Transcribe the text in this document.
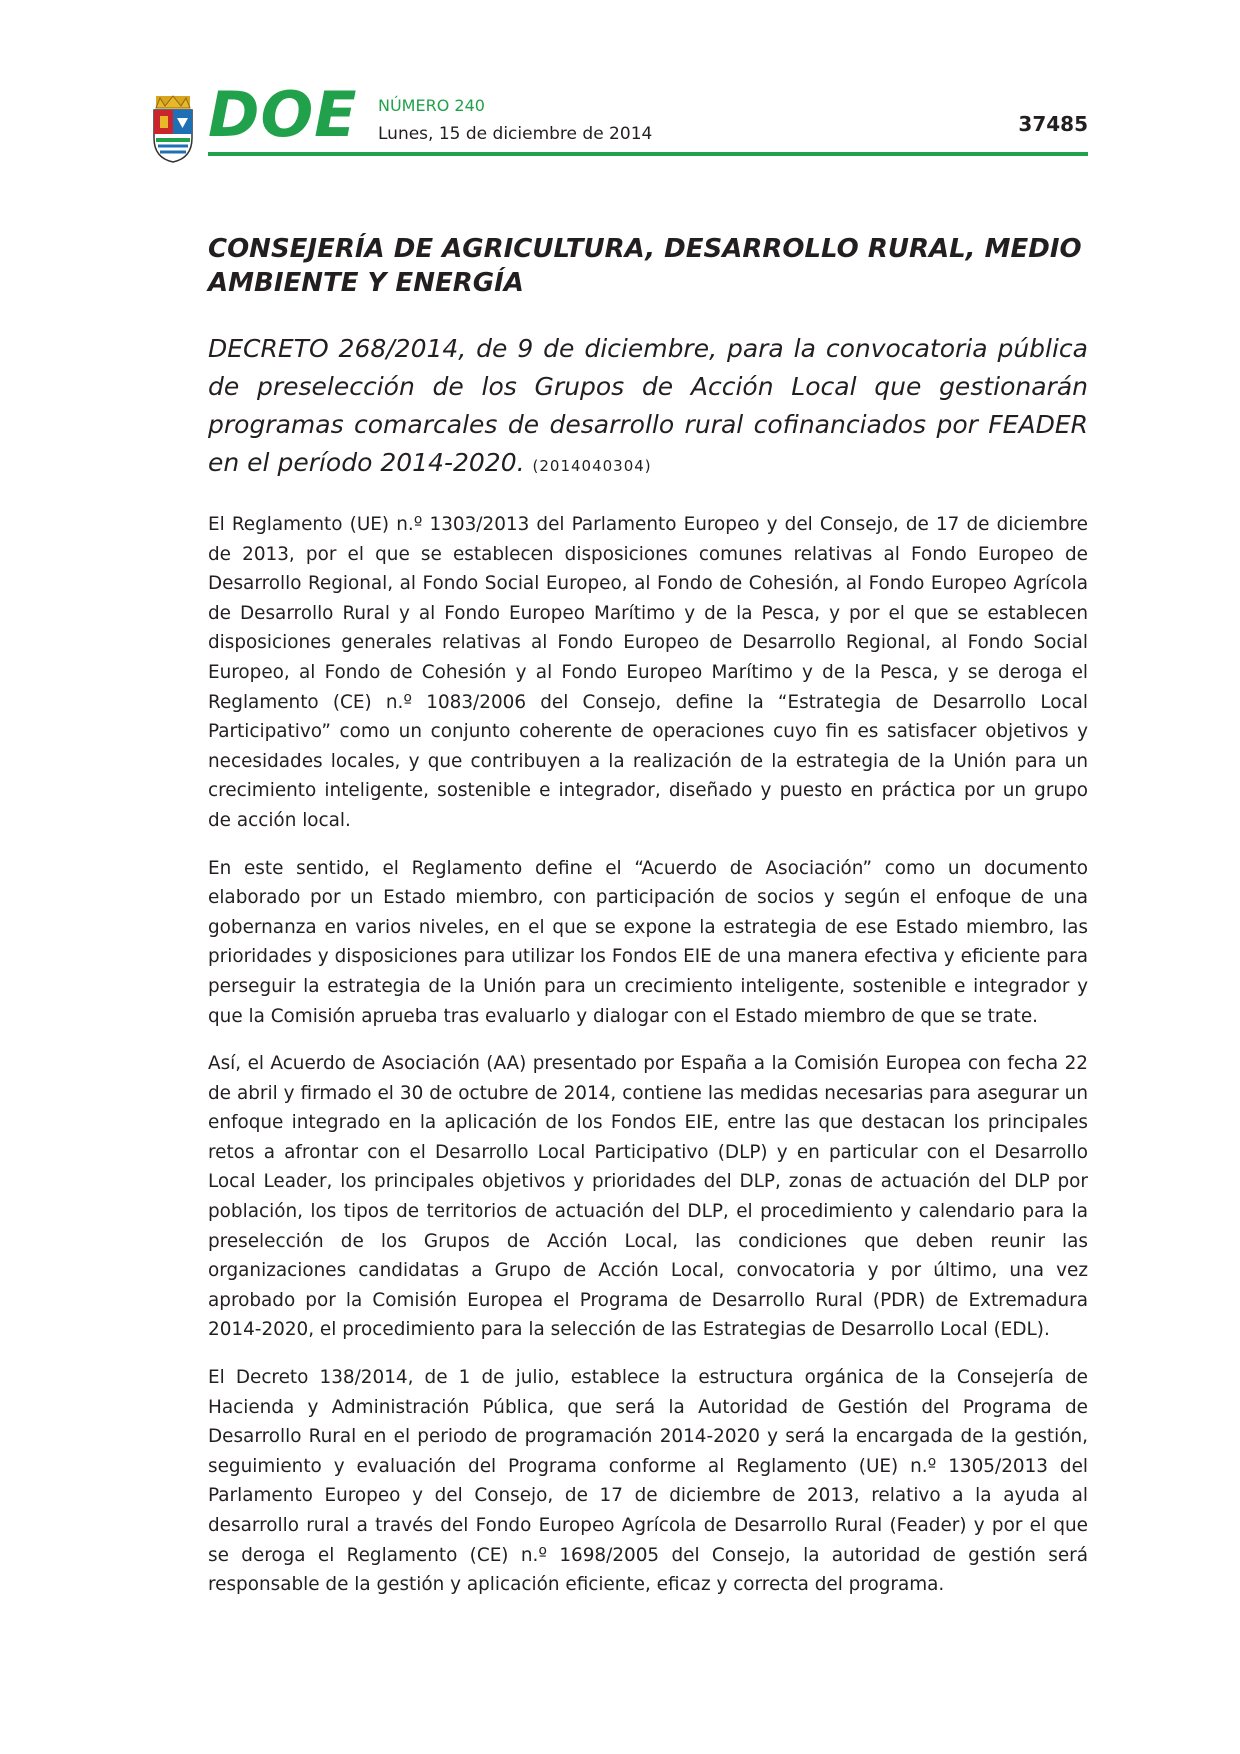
DOE NÚMERO 240
Lunes, 15 de diciembre de 2014	37485
CONSEJERÍA DE AGRICULTURA, DESARROLLO RURAL, MEDIO AMBIENTE Y ENERGÍA
DECRETO 268/2014, de 9 de diciembre, para la convocatoria pública de preselección de los Grupos de Acción Local que gestionarán programas comarcales de desarrollo rural cofinanciados por FEADER en el período 2014-2020. (2014040304)

El Reglamento (UE) n.º 1303/2013 del Parlamento Europeo y del Consejo, de 17 de diciembre de 2013, por el que se establecen disposiciones comunes relativas al Fondo Europeo de Desarrollo Regional, al Fondo Social Europeo, al Fondo de Cohesión, al Fondo Europeo Agrícola de Desarrollo Rural y al Fondo Europeo Marítimo y de la Pesca, y por el que se establecen disposiciones generales relativas al Fondo Europeo de Desarrollo Regional, al Fondo Social Europeo, al Fondo de Cohesión y al Fondo Europeo Marítimo y de la Pesca, y se deroga el Reglamento (CE) n.º 1083/2006 del Consejo, define la “Estrategia de Desarrollo Local Participativo” como un conjunto coherente de operaciones cuyo fin es satisfacer objetivos y necesidades locales, y que contribuyen a la realización de la estrategia de la Unión para un crecimiento inteligente, sostenible e integrador, diseñado y puesto en práctica por un grupo de acción local.

En este sentido, el Reglamento define el “Acuerdo de Asociación” como un documento elaborado por un Estado miembro, con participación de socios y según el enfoque de una gobernanza en varios niveles, en el que se expone la estrategia de ese Estado miembro, las prioridades y disposiciones para utilizar los Fondos EIE de una manera efectiva y eficiente para perseguir la estrategia de la Unión para un crecimiento inteligente, sostenible e integrador y que la Comisión aprueba tras evaluarlo y dialogar con el Estado miembro de que se trate.

Así, el Acuerdo de Asociación (AA) presentado por España a la Comisión Europea con fecha 22 de abril y firmado el 30 de octubre de 2014, contiene las medidas necesarias para asegurar un enfoque integrado en la aplicación de los Fondos EIE, entre las que destacan los principales retos a afrontar con el Desarrollo Local Participativo (DLP) y en particular con el Desarrollo Local Leader, los principales objetivos y prioridades del DLP, zonas de actuación del DLP por población, los tipos de territorios de actuación del DLP, el procedimiento y calendario para la preselección de los Grupos de Acción Local, las condiciones que deben reunir las organizaciones candidatas a Grupo de Acción Local, convocatoria y por último, una vez aprobado por la Comisión Europea el Programa de Desarrollo Rural (PDR) de Extremadura 2014-2020, el procedimiento para la selección de las Estrategias de Desarrollo Local (EDL).

El Decreto 138/2014, de 1 de julio, establece la estructura orgánica de la Consejería de Hacienda y Administración Pública, que será la Autoridad de Gestión del Programa de Desarrollo Rural en el periodo de programación 2014-2020 y será la encargada de la gestión, seguimiento y evaluación del Programa conforme al Reglamento (UE) n.º 1305/2013 del Parlamento Europeo y del Consejo, de 17 de diciembre de 2013, relativo a la ayuda al desarrollo rural a través del Fondo Europeo Agrícola de Desarrollo Rural (Feader) y por el que se deroga el Reglamento (CE) n.º 1698/2005 del Consejo, la autoridad de gestión será responsable de la gestión y aplicación eficiente, eficaz y correcta del programa.
